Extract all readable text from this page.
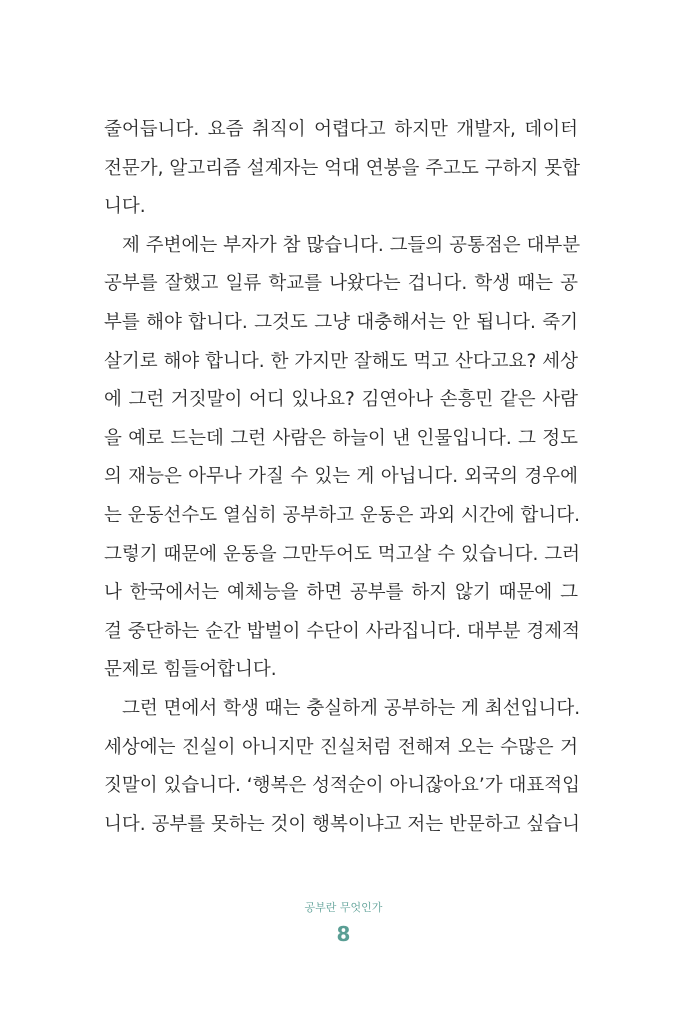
줄어듭니다. 요즘 취직이 어렵다고 하지만 개발자, 데이터
전문가, 알고리즘 설계자는 억대 연봉을 주고도 구하지 못합
니다.
제 주변에는 부자가 참 많습니다. 그들의 공통점은 대부분
공부를 잘했고 일류 학교를 나왔다는 겁니다. 학생 때는 공
부를 해야 합니다. 그것도 그냥 대충해서는 안 됩니다. 죽기
살기로 해야 합니다. 한 가지만 잘해도 먹고 산다고요? 세상
에 그런 거짓말이 어디 있나요? 김연아나 손흥민 같은 사람
을 예로 드는데 그런 사람은 하늘이 낸 인물입니다. 그 정도
의 재능은 아무나 가질 수 있는 게 아닙니다. 외국의 경우에
는 운동선수도 열심히 공부하고 운동은 과외 시간에 합니다.
그렇기 때문에 운동을 그만두어도 먹고살 수 있습니다. 그러
나 한국에서는 예체능을 하면 공부를 하지 않기 때문에 그
걸 중단하는 순간 밥벌이 수단이 사라집니다. 대부분 경제적
문제로 힘들어합니다.
그런 면에서 학생 때는 충실하게 공부하는 게 최선입니다.
세상에는 진실이 아니지만 진실처럼 전해져 오는 수많은 거
짓말이 있습니다. ‘행복은 성적순이 아니잖아요’가 대표적입
니다. 공부를 못하는 것이 행복이냐고 저는 반문하고 싶습니
공부란 무엇인가
8
